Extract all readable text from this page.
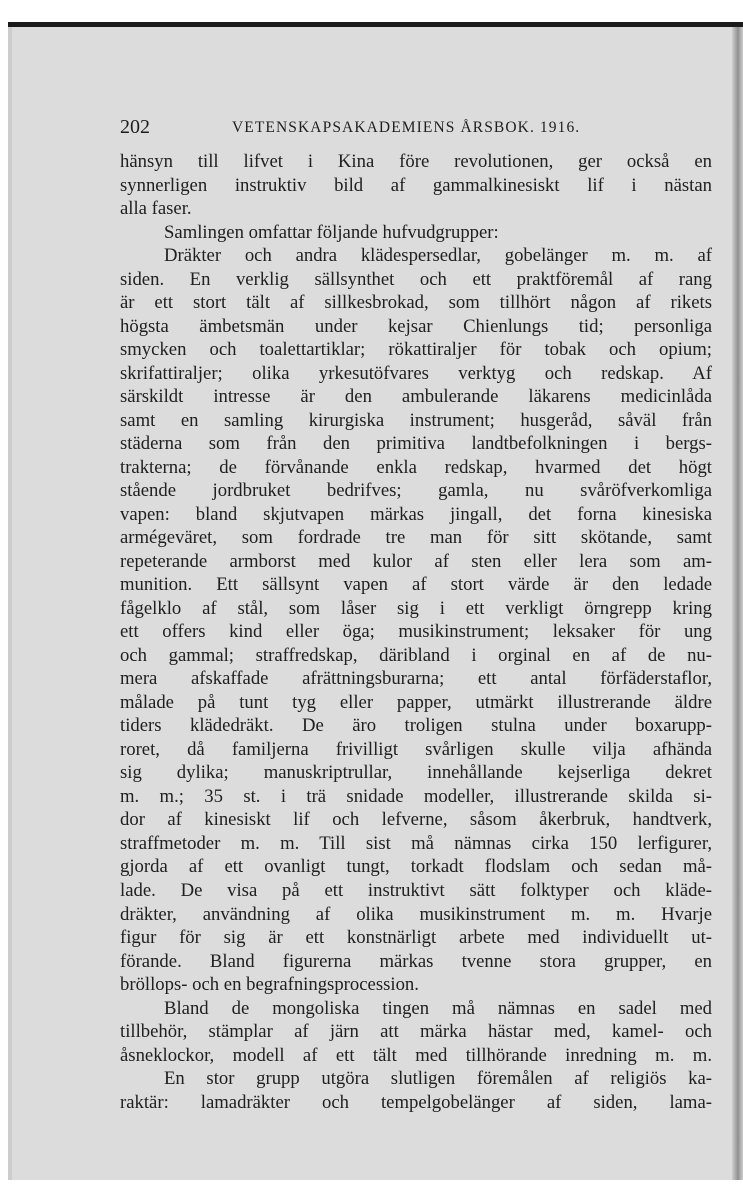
202	VETENSKAPSAKADEMIENS ÅRSBOK. 1916.
hänsyn till lifvet i Kina före revolutionen, ger också en
synnerligen instruktiv bild af gammalkinesiskt lif i nästan
alla faser.
Samlingen omfattar följande hufvudgrupper:
Dräkter och andra klädespersedlar, gobelänger m. m. af
siden. En verklig sällsynthet och ett praktföremål af rang
är ett stort tält af sillkesbrokad, som tillhört någon af rikets
högsta ämbetsmän under kejsar Chienlungs tid; personliga
smycken och toalettartiklar; rökattiraljer för tobak och opium;
skrifattiraljer; olika yrkesutöfvares verktyg och redskap. Af
särskildt intresse är den ambulerande läkarens medicinlåda
samt en samling kirurgiska instrument; husgeråd, såväl från
städerna som från den primitiva landtbefolkningen i bergs-
trakterna; de förvånande enkla redskap, hvarmed det högt
stående jordbruket bedrifves; gamla, nu svåröfverkomliga
vapen: bland skjutvapen märkas jingall, det forna kinesiska
armégeväret, som fordrade tre man för sitt skötande, samt
repeterande armborst med kulor af sten eller lera som am-
munition. Ett sällsynt vapen af stort värde är den ledade
fågelklo af stål, som låser sig i ett verkligt örngrepp kring
ett offers kind eller öga; musikinstrument; leksaker för ung
och gammal; straffredskap, däribland i orginal en af de nu-
mera afskaffade afrättningsburarna; ett antal förfäderstaflor,
målade på tunt tyg eller papper, utmärkt illustrerande äldre
tiders klädedräkt. De äro troligen stulna under boxarupp-
roret, då familjerna frivilligt svårligen skulle vilja afhända
sig dylika; manuskriptrullar, innehållande kejserliga dekret
m. m.; 35 st. i trä snidade modeller, illustrerande skilda si-
dor af kinesiskt lif och lefverne, såsom åkerbruk, handtverk,
straffmetoder m. m. Till sist må nämnas cirka 150 lerfigurer,
gjorda af ett ovanligt tungt, torkadt flodslam och sedan må-
lade. De visa på ett instruktivt sätt folktyper och kläde-
dräkter, användning af olika musikinstrument m. m. Hvarje
figur för sig är ett konstnärligt arbete med individuellt ut-
förande. Bland figurerna märkas tvenne stora grupper, en
bröllops- och en begrafningsprocession.
Bland de mongoliska tingen må nämnas en sadel med
tillbehör, stämplar af järn att märka hästar med, kamel- och
åsneklockor, modell af ett tält med tillhörande inredning m. m.
En stor grupp utgöra slutligen föremålen af religiös ka-
raktär: lamadräkter och tempelgobelänger af siden, lama-
